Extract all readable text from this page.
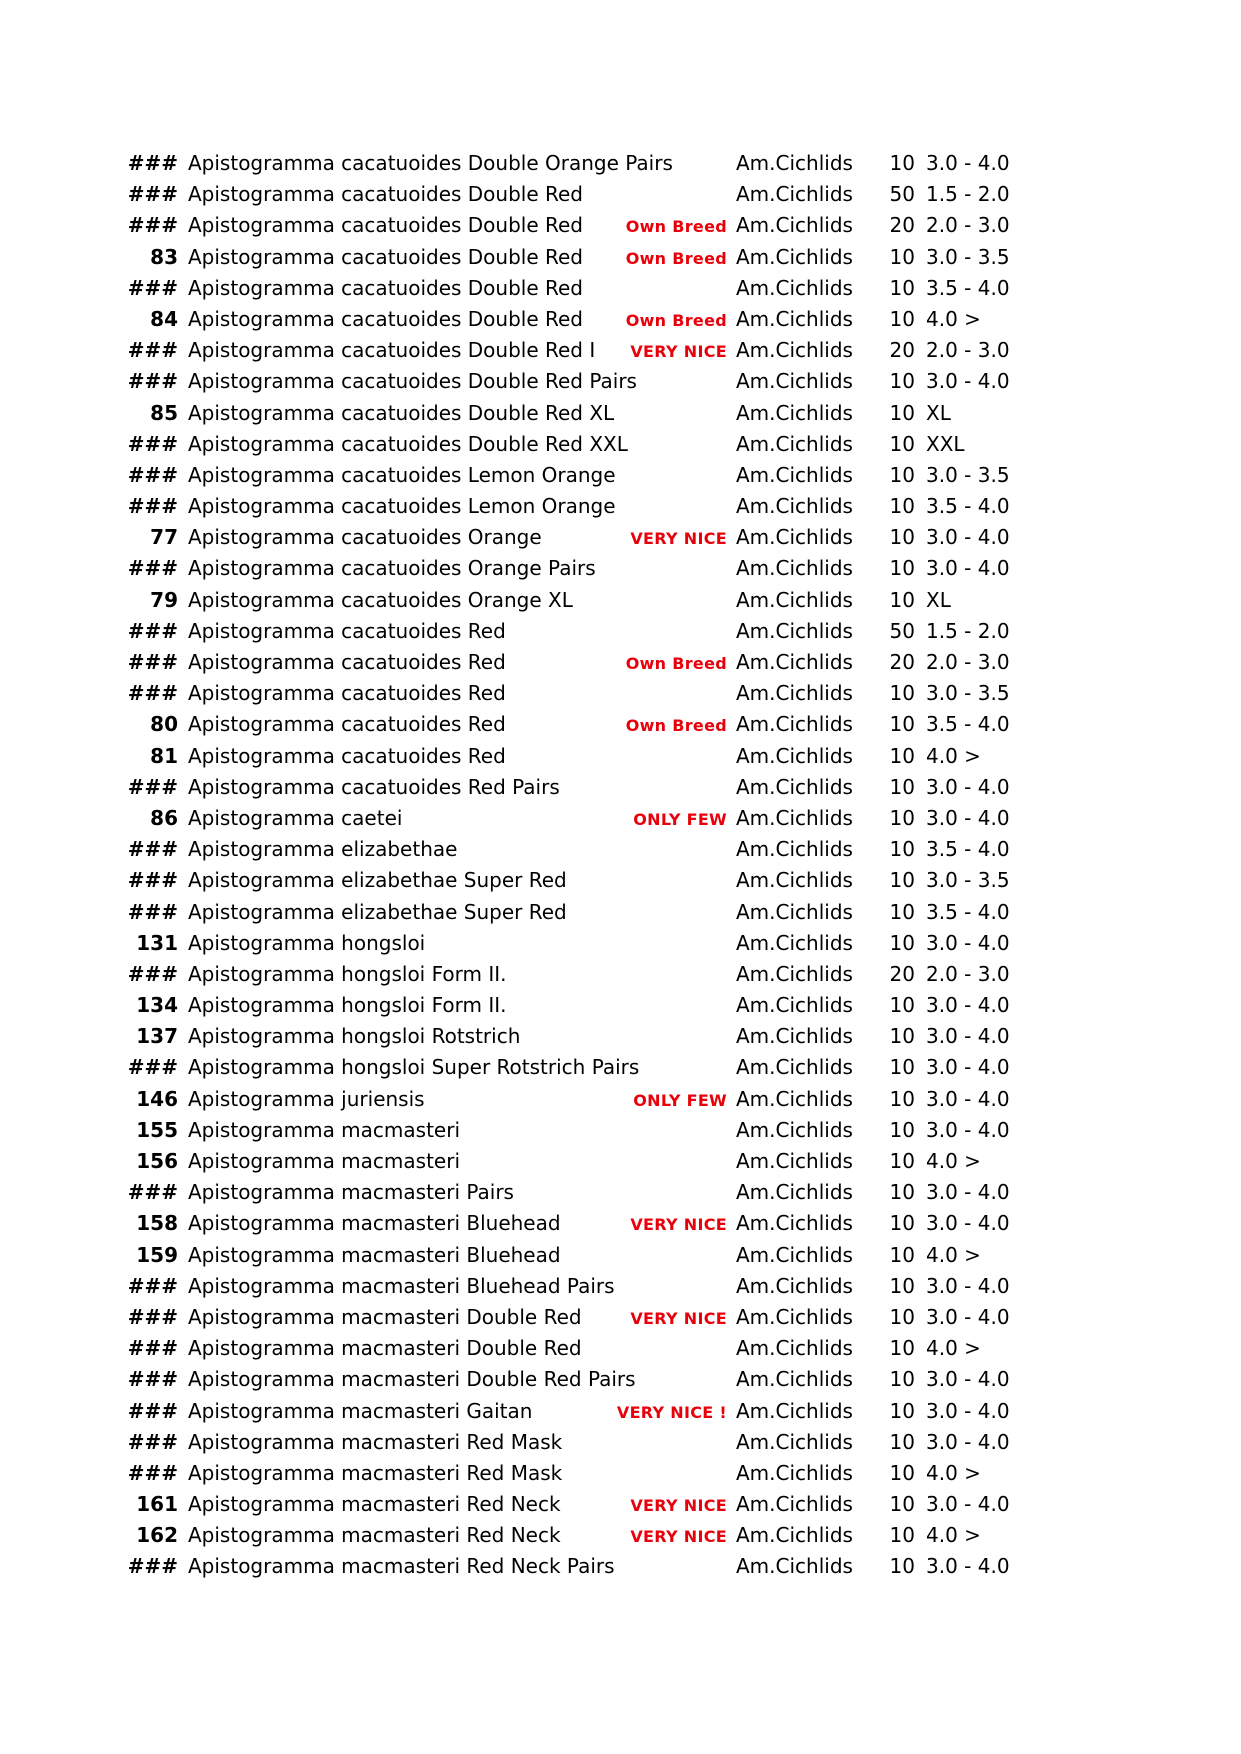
### Apistogramma cacatuoides Double Orange Pairs	Am.Cichlids 10 3.0 - 4.0
### Apistogramma cacatuoides Double Red	Am.Cichlids 50 1.5 - 2.0
### Apistogramma cacatuoides Double Red	Own Breed Am.Cichlids 20 2.0 - 3.0
83 Apistogramma cacatuoides Double Red	Own Breed Am.Cichlids 10 3.0 - 3.5
### Apistogramma cacatuoides Double Red	Am.Cichlids 10 3.5 - 4.0
84 Apistogramma cacatuoides Double Red	Own Breed Am.Cichlids 10 4.0 >
### Apistogramma cacatuoides Double Red I	VERY NICE Am.Cichlids 20 2.0 - 3.0
### Apistogramma cacatuoides Double Red Pairs	Am.Cichlids 10 3.0 - 4.0
85 Apistogramma cacatuoides Double Red XL	Am.Cichlids 10 XL
### Apistogramma cacatuoides Double Red XXL	Am.Cichlids 10 XXL
### Apistogramma cacatuoides Lemon Orange	Am.Cichlids 10 3.0 - 3.5
### Apistogramma cacatuoides Lemon Orange	Am.Cichlids 10 3.5 - 4.0
77 Apistogramma cacatuoides Orange	VERY NICE Am.Cichlids 10 3.0 - 4.0
### Apistogramma cacatuoides Orange Pairs	Am.Cichlids 10 3.0 - 4.0
79 Apistogramma cacatuoides Orange XL	Am.Cichlids 10 XL
### Apistogramma cacatuoides Red	Am.Cichlids 50 1.5 - 2.0
### Apistogramma cacatuoides Red	Own Breed Am.Cichlids 20 2.0 - 3.0
### Apistogramma cacatuoides Red	Am.Cichlids 10 3.0 - 3.5
80 Apistogramma cacatuoides Red	Own Breed Am.Cichlids 10 3.5 - 4.0
81 Apistogramma cacatuoides Red	Am.Cichlids 10 4.0 >
### Apistogramma cacatuoides Red Pairs	Am.Cichlids 10 3.0 - 4.0
86 Apistogramma caetei	ONLY FEW Am.Cichlids 10 3.0 - 4.0
### Apistogramma elizabethae	Am.Cichlids 10 3.5 - 4.0
### Apistogramma elizabethae Super Red	Am.Cichlids 10 3.0 - 3.5
### Apistogramma elizabethae Super Red	Am.Cichlids 10 3.5 - 4.0
131 Apistogramma hongsloi	Am.Cichlids 10 3.0 - 4.0
### Apistogramma hongsloi Form II.	Am.Cichlids 20 2.0 - 3.0
134 Apistogramma hongsloi Form II.	Am.Cichlids 10 3.0 - 4.0
137 Apistogramma hongsloi Rotstrich	Am.Cichlids 10 3.0 - 4.0
### Apistogramma hongsloi Super Rotstrich Pairs	Am.Cichlids 10 3.0 - 4.0
146 Apistogramma juriensis	ONLY FEW Am.Cichlids 10 3.0 - 4.0
155 Apistogramma macmasteri	Am.Cichlids 10 3.0 - 4.0
156 Apistogramma macmasteri	Am.Cichlids 10 4.0 >
### Apistogramma macmasteri Pairs	Am.Cichlids 10 3.0 - 4.0
158 Apistogramma macmasteri Bluehead	VERY NICE Am.Cichlids 10 3.0 - 4.0
159 Apistogramma macmasteri Bluehead	Am.Cichlids 10 4.0 >
### Apistogramma macmasteri Bluehead Pairs	Am.Cichlids 10 3.0 - 4.0
### Apistogramma macmasteri Double Red	VERY NICE Am.Cichlids 10 3.0 - 4.0
### Apistogramma macmasteri Double Red	Am.Cichlids 10 4.0 >
### Apistogramma macmasteri Double Red Pairs	Am.Cichlids 10 3.0 - 4.0
### Apistogramma macmasteri Gaitan	VERY NICE ! Am.Cichlids 10 3.0 - 4.0
### Apistogramma macmasteri Red Mask	Am.Cichlids 10 3.0 - 4.0
### Apistogramma macmasteri Red Mask	Am.Cichlids 10 4.0 >
161 Apistogramma macmasteri Red Neck	VERY NICE Am.Cichlids 10 3.0 - 4.0
162 Apistogramma macmasteri Red Neck	VERY NICE Am.Cichlids 10 4.0 >
### Apistogramma macmasteri Red Neck Pairs	Am.Cichlids 10 3.0 - 4.0
